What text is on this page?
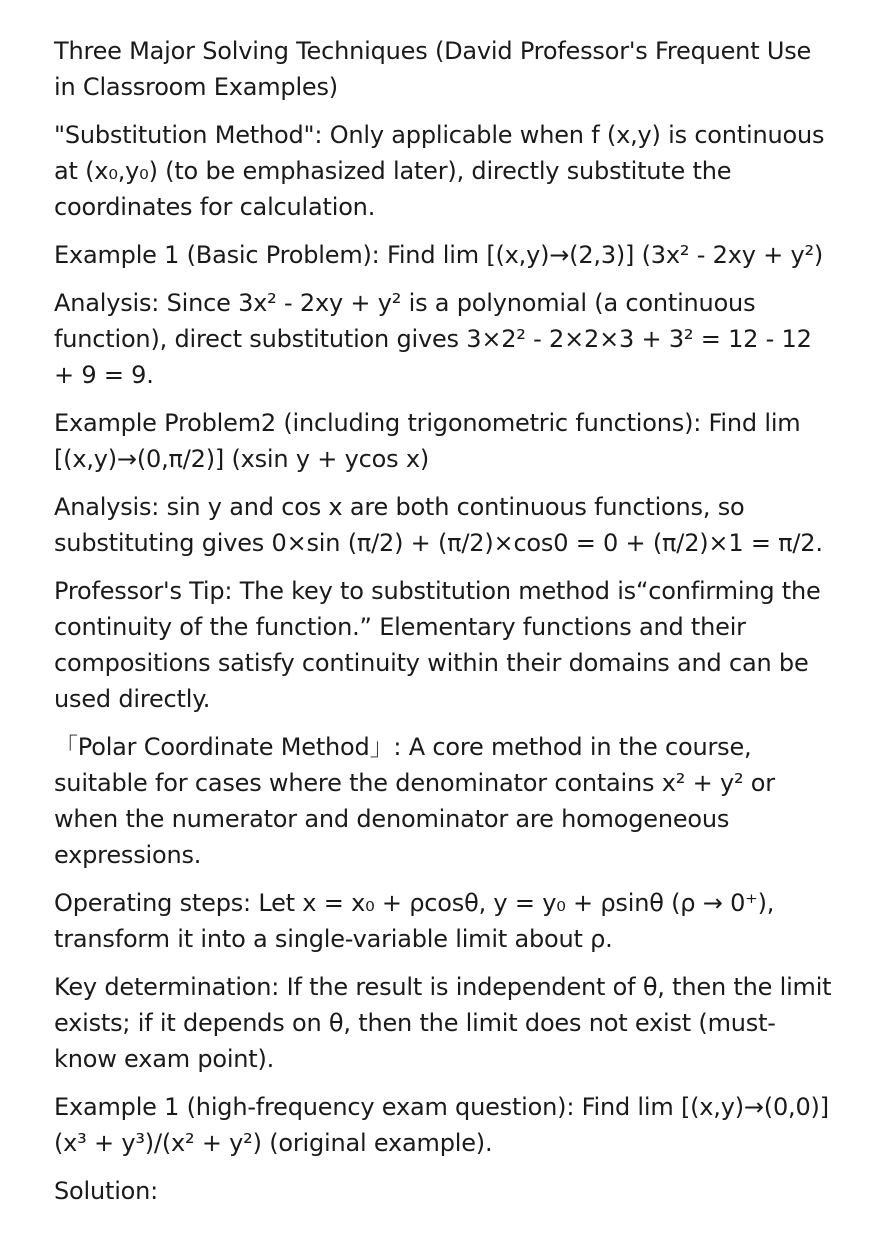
Three Major Solving Techniques (David Professor's Frequent Use in Classroom Examples)

"Substitution Method": Only applicable when f (x,y) is continuous at (x₀,y₀) (to be emphasized later), directly substitute the coordinates for calculation.

Example 1 (Basic Problem): Find lim [(x,y)→(2,3)] (3x² - 2xy + y²)

Analysis: Since 3x² - 2xy + y² is a polynomial (a continuous function), direct substitution gives 3×2² - 2×2×3 + 3² = 12 - 12 + 9 = 9.

Example Problem2 (including trigonometric functions): Find lim [(x,y)→(0,π/2)] (xsin y + ycos x)

Analysis: sin y and cos x are both continuous functions, so substituting gives 0×sin (π/2) + (π/2)×cos0 = 0 + (π/2)×1 = π/2.

Professor's Tip: The key to substitution method is“confirming the continuity of the function.” Elementary functions and their compositions satisfy continuity within their domains and can be used directly.

「Polar Coordinate Method」: A core method in the course, suitable for cases where the denominator contains x² + y² or when the numerator and denominator are homogeneous expressions.

Operating steps: Let x = x₀ + ρcosθ, y = y₀ + ρsinθ (ρ → 0⁺), transform it into a single-variable limit about ρ.

Key determination: If the result is independent of θ, then the limit exists; if it depends on θ, then the limit does not exist (must-know exam point).

Example 1 (high-frequency exam question): Find lim [(x,y)→(0,0)] (x³ + y³)/(x² + y²) (original example).

Solution:
